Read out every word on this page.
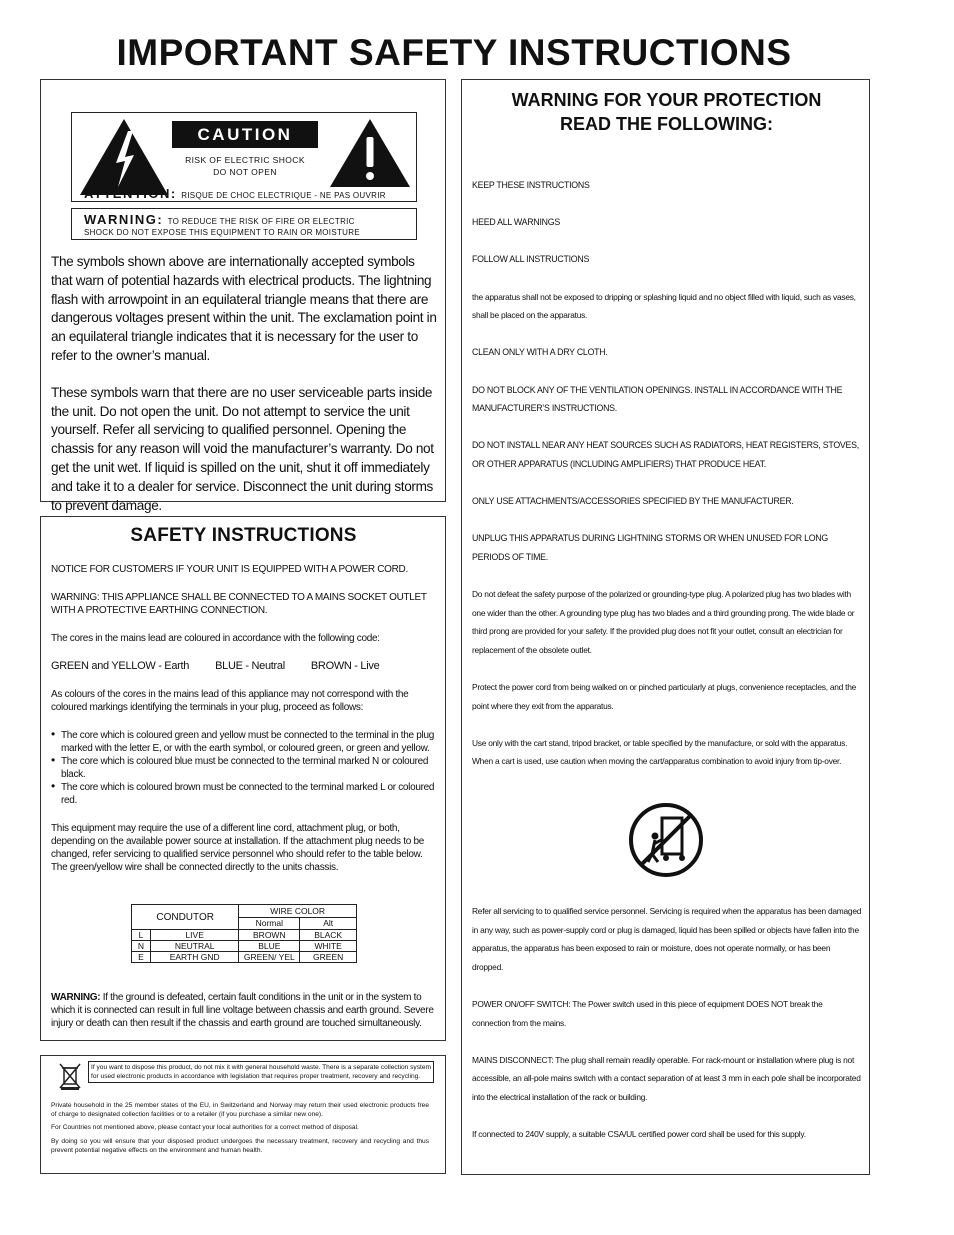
IMPORTANT SAFETY INSTRUCTIONS
CAUTION
RISK OF ELECTRIC SHOCK
DO NOT OPEN
ATTENTION: RISQUE DE CHOC ELECTRIQUE - NE PAS OUVRIR
WARNING: TO REDUCE THE RISK OF FIRE OR ELECTRIC
SHOCK DO NOT EXPOSE THIS EQUIPMENT TO RAIN OR MOISTURE

The symbols shown above are internationally accepted symbols that warn of potential hazards with electrical products. The lightning flash with arrowpoint in an equilateral triangle means that there are dangerous voltages present within the unit. The exclamation point in an equilateral triangle indicates that it is necessary for the user to refer to the owner’s manual.

These symbols warn that there are no user serviceable parts inside the unit. Do not open the unit. Do not attempt to service the unit yourself. Refer all servicing to qualified personnel. Opening the chassis for any reason will void the manufacturer’s warranty. Do not get the unit wet. If liquid is spilled on the unit, shut it off immediately and take it to a dealer for service. Disconnect the unit during storms to prevent damage.

SAFETY INSTRUCTIONS
NOTICE FOR CUSTOMERS IF YOUR UNIT IS EQUIPPED WITH A POWER CORD.
WARNING: THIS APPLIANCE SHALL BE CONNECTED TO A MAINS SOCKET OUTLET WITH A PROTECTIVE EARTHING CONNECTION.
The cores in the mains lead are coloured in accordance with the following code:
GREEN and YELLOW - Earth BLUE - Neutral BROWN - Live
As colours of the cores in the mains lead of this appliance may not correspond with the coloured markings identifying the terminals in your plug, proceed as follows:
• The core which is coloured green and yellow must be connected to the terminal in the plug marked with the letter E, or with the earth symbol, or coloured green, or green and yellow.
• The core which is coloured blue must be connected to the terminal marked N or coloured black.
• The core which is coloured brown must be connected to the terminal marked L or coloured red.
This equipment may require the use of a different line cord, attachment plug, or both, depending on the available power source at installation. If the attachment plug needs to be changed, refer servicing to qualified service personnel who should refer to the table below. The green/yellow wire shall be connected directly to the units chassis.
CONDUTOR		WIRE COLOR	
		Normal	Alt
L	LIVE	BROWN	BLACK
N	NEUTRAL	BLUE	WHITE
E	EARTH GND	GREEN/ YEL	GREEN
WARNING: If the ground is defeated, certain fault conditions in the unit or in the system to which it is connected can result in full line voltage between chassis and earth ground. Severe injury or death can then result if the chassis and earth ground are touched simultaneously.
If you want to dispose this product, do not mix it with general household waste. There is a separate collection system for used electronic products in accordance with legislation that requires proper treatment, recovery and recycling.
Private household in the 25 member states of the EU, in Switzerland and Norway may return their used electronic products free of charge to designated collection facilities or to a retailer (if you purchase a similar new one).
For Countries not mentioned above, please contact your local authorities for a correct method of disposal.
By doing so you will ensure that your disposed product undergoes the necessary treatment, recovery and recycling and thus prevent potential negative effects on the environment and human health.
WARNING FOR YOUR PROTECTION
READ THE FOLLOWING:

KEEP THESE INSTRUCTIONS

HEED ALL WARNINGS

FOLLOW ALL INSTRUCTIONS

the apparatus shall not be exposed to dripping or splashing liquid and no object filled with liquid, such as vases, shall be placed on the apparatus.

CLEAN ONLY WITH A DRY CLOTH.

DO NOT BLOCK ANY OF THE VENTILATION OPENINGS. INSTALL IN ACCORDANCE WITH THE MANUFACTURER’S INSTRUCTIONS.

DO NOT INSTALL NEAR ANY HEAT SOURCES SUCH AS RADIATORS, HEAT REGISTERS, STOVES, OR OTHER APPARATUS (INCLUDING AMPLIFIERS) THAT PRODUCE HEAT.

ONLY USE ATTACHMENTS/ACCESSORIES SPECIFIED BY THE MANUFACTURER.

UNPLUG THIS APPARATUS DURING LIGHTNING STORMS OR WHEN UNUSED FOR LONG PERIODS OF TIME.

Do not defeat the safety purpose of the polarized or grounding-type plug. A polarized plug has two blades with one wider than the other. A grounding type plug has two blades and a third grounding prong. The wide blade or third prong are provided for your safety. If the provided plug does not fit your outlet, consult an electrician for replacement of the obsolete outlet.

Protect the power cord from being walked on or pinched particularly at plugs, convenience receptacles, and the point where they exit from the apparatus.

Use only with the cart stand, tripod bracket, or table specified by the manufacture, or sold with the apparatus. When a cart is used, use caution when moving the cart/apparatus combination to avoid injury from tip-over.

Refer all servicing to to qualified service personnel. Servicing is required when the apparatus has been damaged in any way, such as power-supply cord or plug is damaged, liquid has been spilled or objects have fallen into the apparatus, the apparatus has been exposed to rain or moisture, does not operate normally, or has been dropped.

POWER ON/OFF SWITCH: The Power switch used in this piece of equipment DOES NOT break the connection from the mains.

MAINS DISCONNECT: The plug shall remain readily operable. For rack-mount or installation where plug is not accessible, an all-pole mains switch with a contact separation of at least 3 mm in each pole shall be incorporated into the electrical installation of the rack or building.

If connected to 240V supply, a suitable CSA/UL certified power cord shall be used for this supply.
